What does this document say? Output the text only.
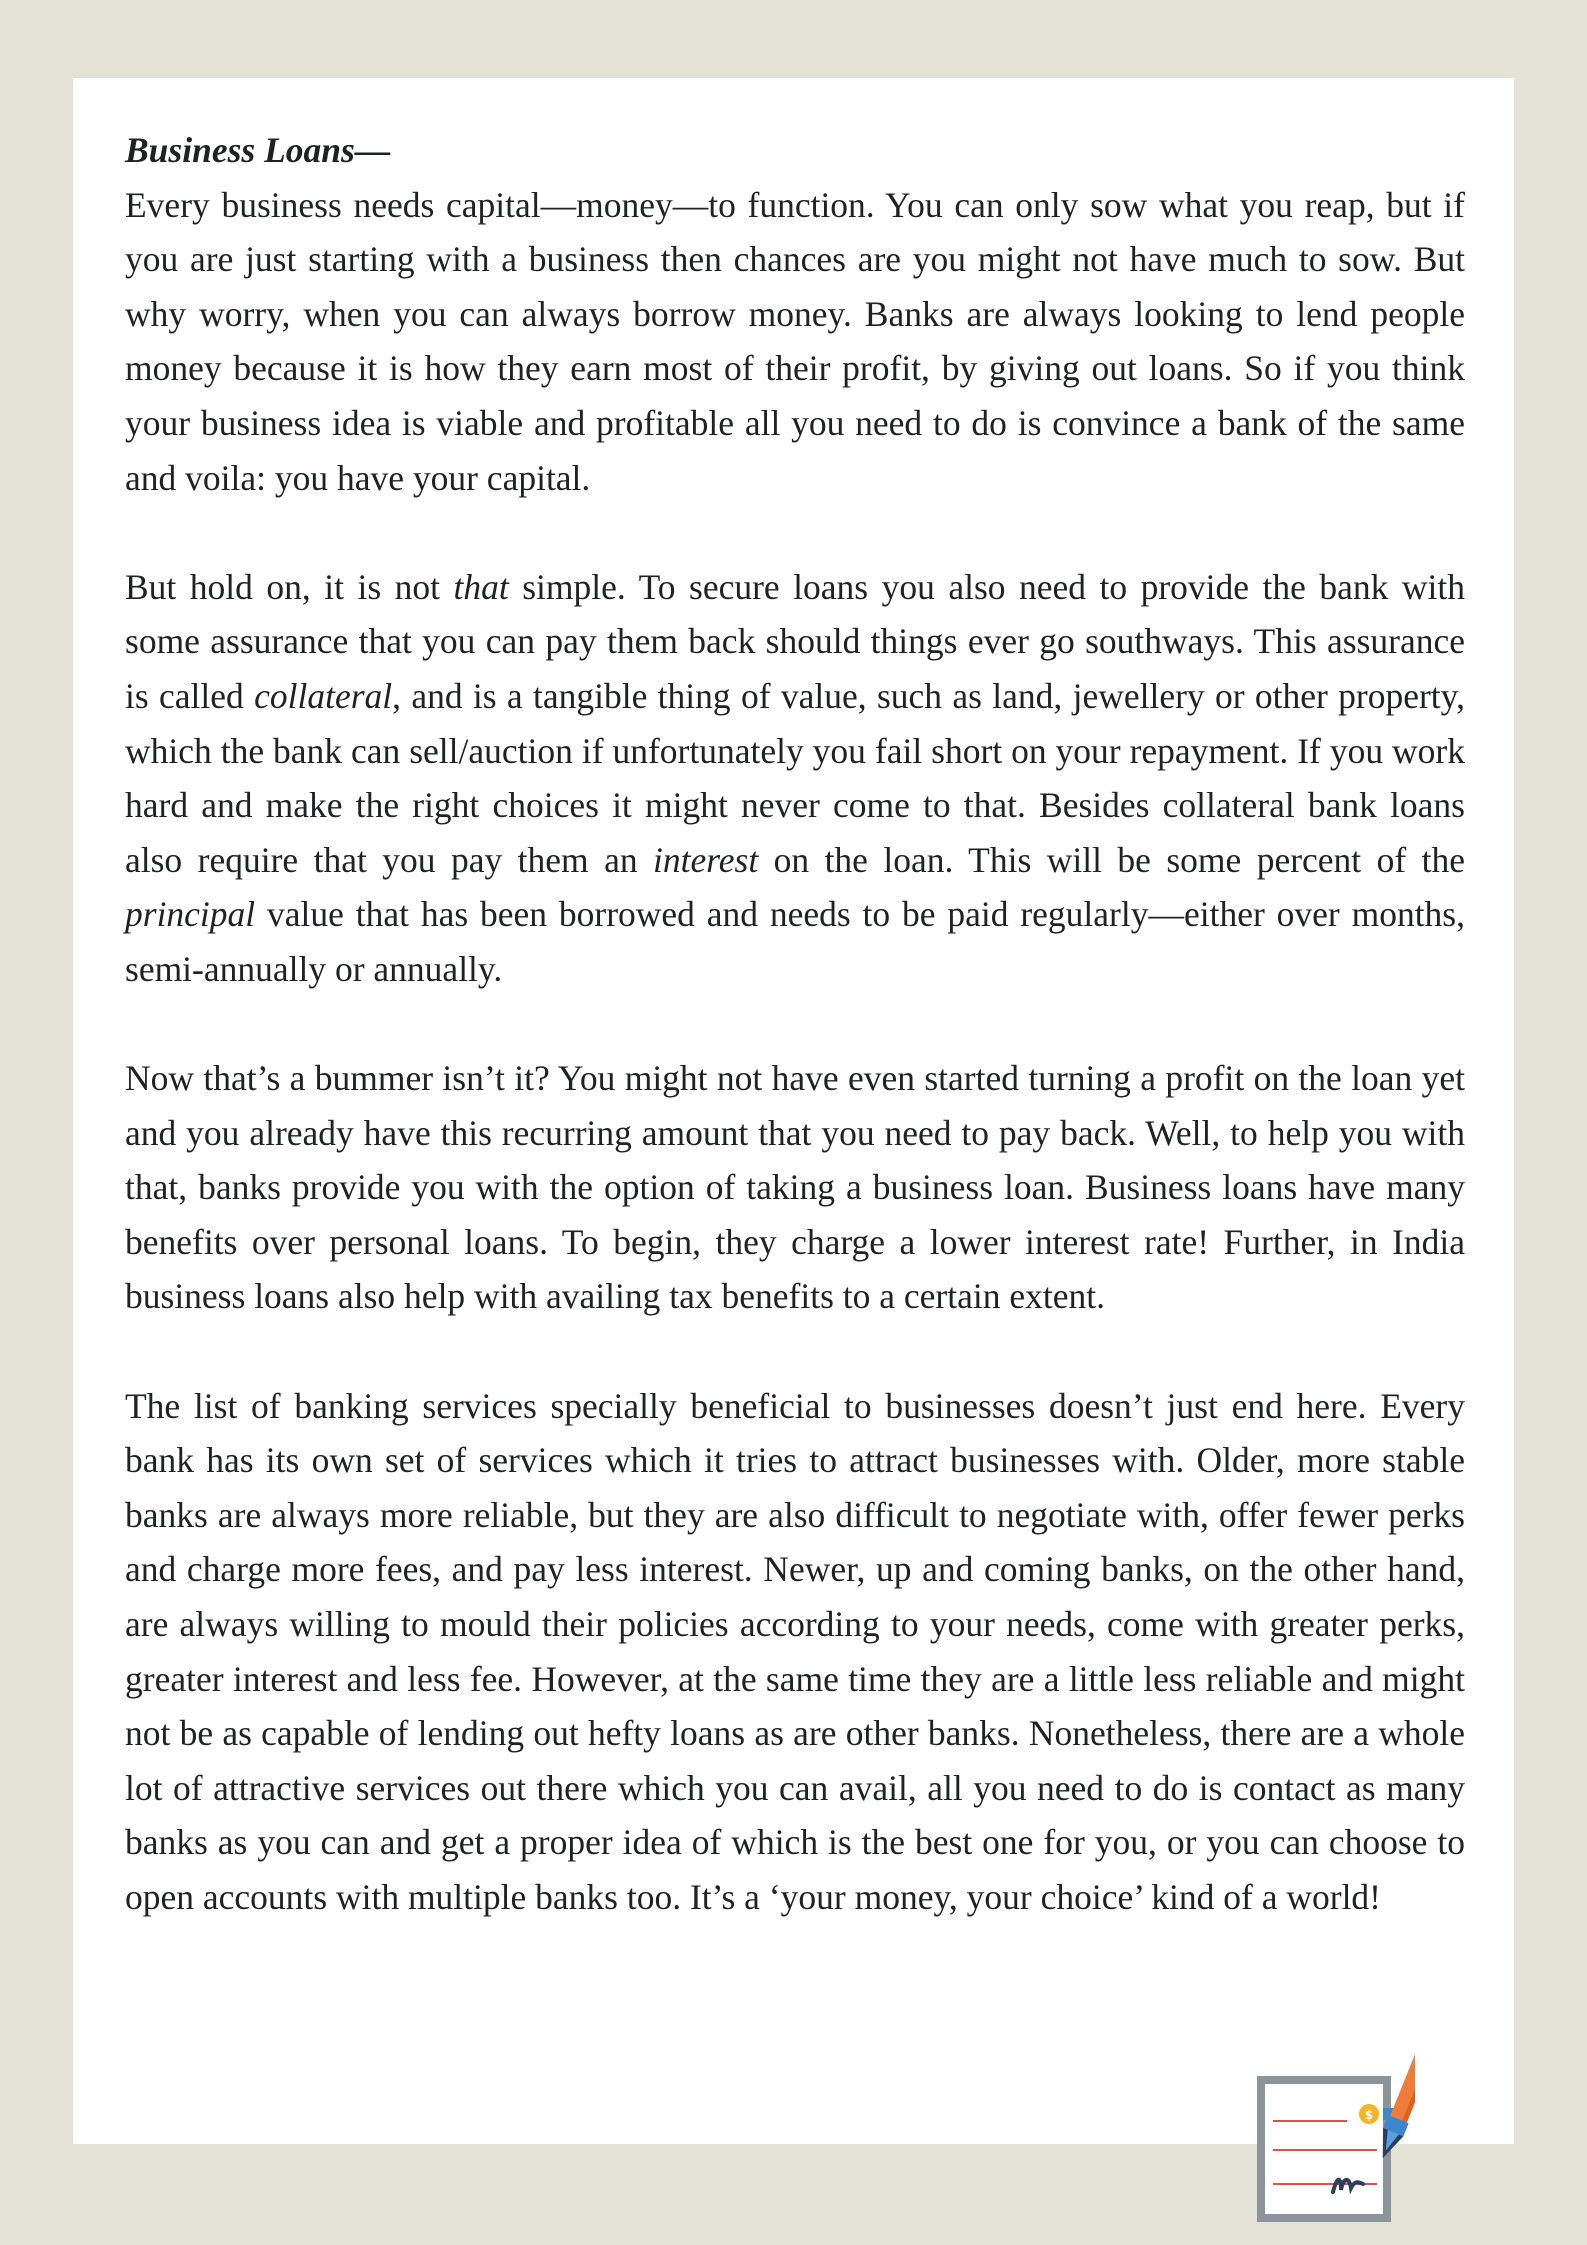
Business Loans—

Every business needs capital—money—to function. You can only sow what you reap, but if you are just starting with a business then chances are you might not have much to sow. But why worry, when you can always borrow money. Banks are always looking to lend people money because it is how they earn most of their profit, by giving out loans. So if you think your business idea is viable and profitable all you need to do is convince a bank of the same and voila: you have your capital.

But hold on, it is not that simple. To secure loans you also need to provide the bank with some assurance that you can pay them back should things ever go southways. This assurance is called collateral, and is a tangible thing of value, such as land, jewellery or other property, which the bank can sell/auction if unfortunately you fail short on your repayment. If you work hard and make the right choices it might never come to that. Besides collateral bank loans also require that you pay them an interest on the loan. This will be some percent of the principal value that has been borrowed and needs to be paid regularly—either over months, semi-annually or annually.

Now that’s a bummer isn’t it? You might not have even started turning a profit on the loan yet and you already have this recurring amount that you need to pay back. Well, to help you with that, banks provide you with the option of taking a business loan. Business loans have many benefits over personal loans. To begin, they charge a lower interest rate! Further, in India business loans also help with availing tax benefits to a certain extent.

The list of banking services specially beneficial to businesses doesn’t just end here. Every bank has its own set of services which it tries to attract businesses with. Older, more stable banks are always more reliable, but they are also difficult to negotiate with, offer fewer perks and charge more fees, and pay less interest. Newer, up and coming banks, on the other hand, are always willing to mould their policies according to your needs, come with greater perks, greater interest and less fee. However, at the same time they are a little less reliable and might not be as capable of lending out hefty loans as are other banks. Nonetheless, there are a whole lot of attractive services out there which you can avail, all you need to do is contact as many banks as you can and get a proper idea of which is the best one for you, or you can choose to open accounts with multiple banks too. It’s a ‘your money, your choice’ kind of a world!

$
